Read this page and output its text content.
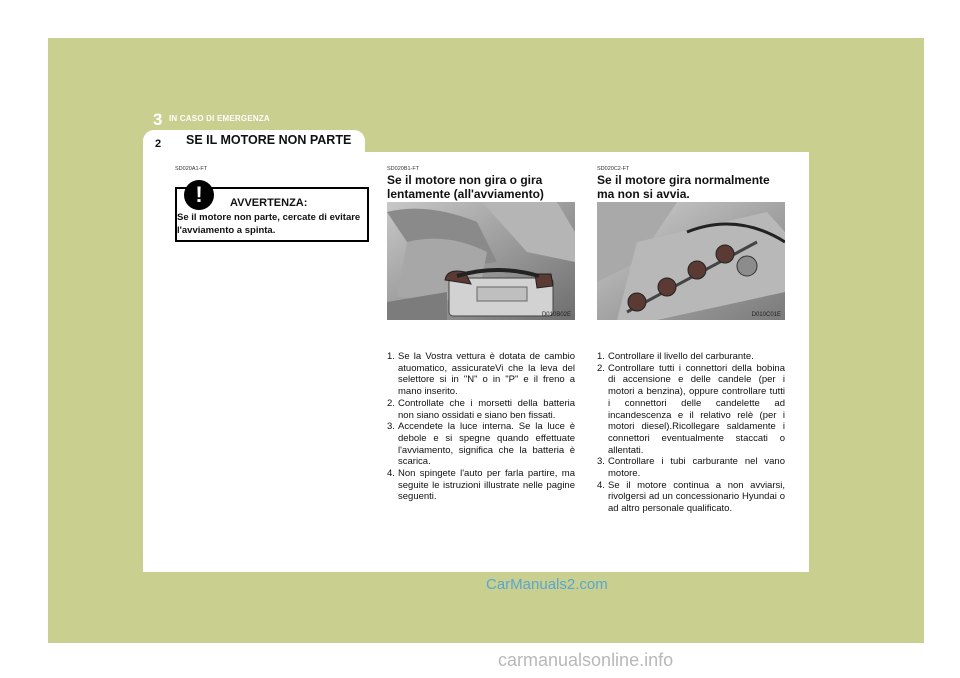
3 IN CASO DI EMERGENZA
2 SE IL MOTORE NON PARTE
SD020A1-FT
!	AVVERTENZA:
Se il motore non parte, cercate di evitare l'avviamento a spinta.
SD020B1-FT
Se il motore non gira o gira lentamente (all'avviamento)
D010B02E
1. Se la Vostra vettura è dotata de cambio atuomatico, assicurateVi che la leva del selettore si in "N" o in "P" e il freno a mano inserito.
2. Controllate che i morsetti della batteria non siano ossidati e siano ben fissati.
3. Accendete la luce interna. Se la luce è debole e si spegne quando effettuate l'avviamento, significa che la batteria è scarica.
4. Non spingete l'auto per farla partire, ma seguite le istruzioni illustrate nelle pagine seguenti.
SD020C2-FT
Se il motore gira normalmente ma non si avvia.
D010C01E
1. Controllare il livello del carburante.
2. Controllare tutti i connettori della bobina di accensione e delle candele (per i motori a benzina), oppure controllare tutti i connettori delle candelette ad incandescenza e il relativo relè (per i motori diesel).Ricollegare saldamente i connettori eventualmente staccati o allentati.
3. Controllare i tubi carburante nel vano motore.
4. Se il motore continua a non avviarsi, rivolgersi ad un concessionario Hyundai o ad altro personale qualificato.
CarManuals2.com
carmanualsonline.info
